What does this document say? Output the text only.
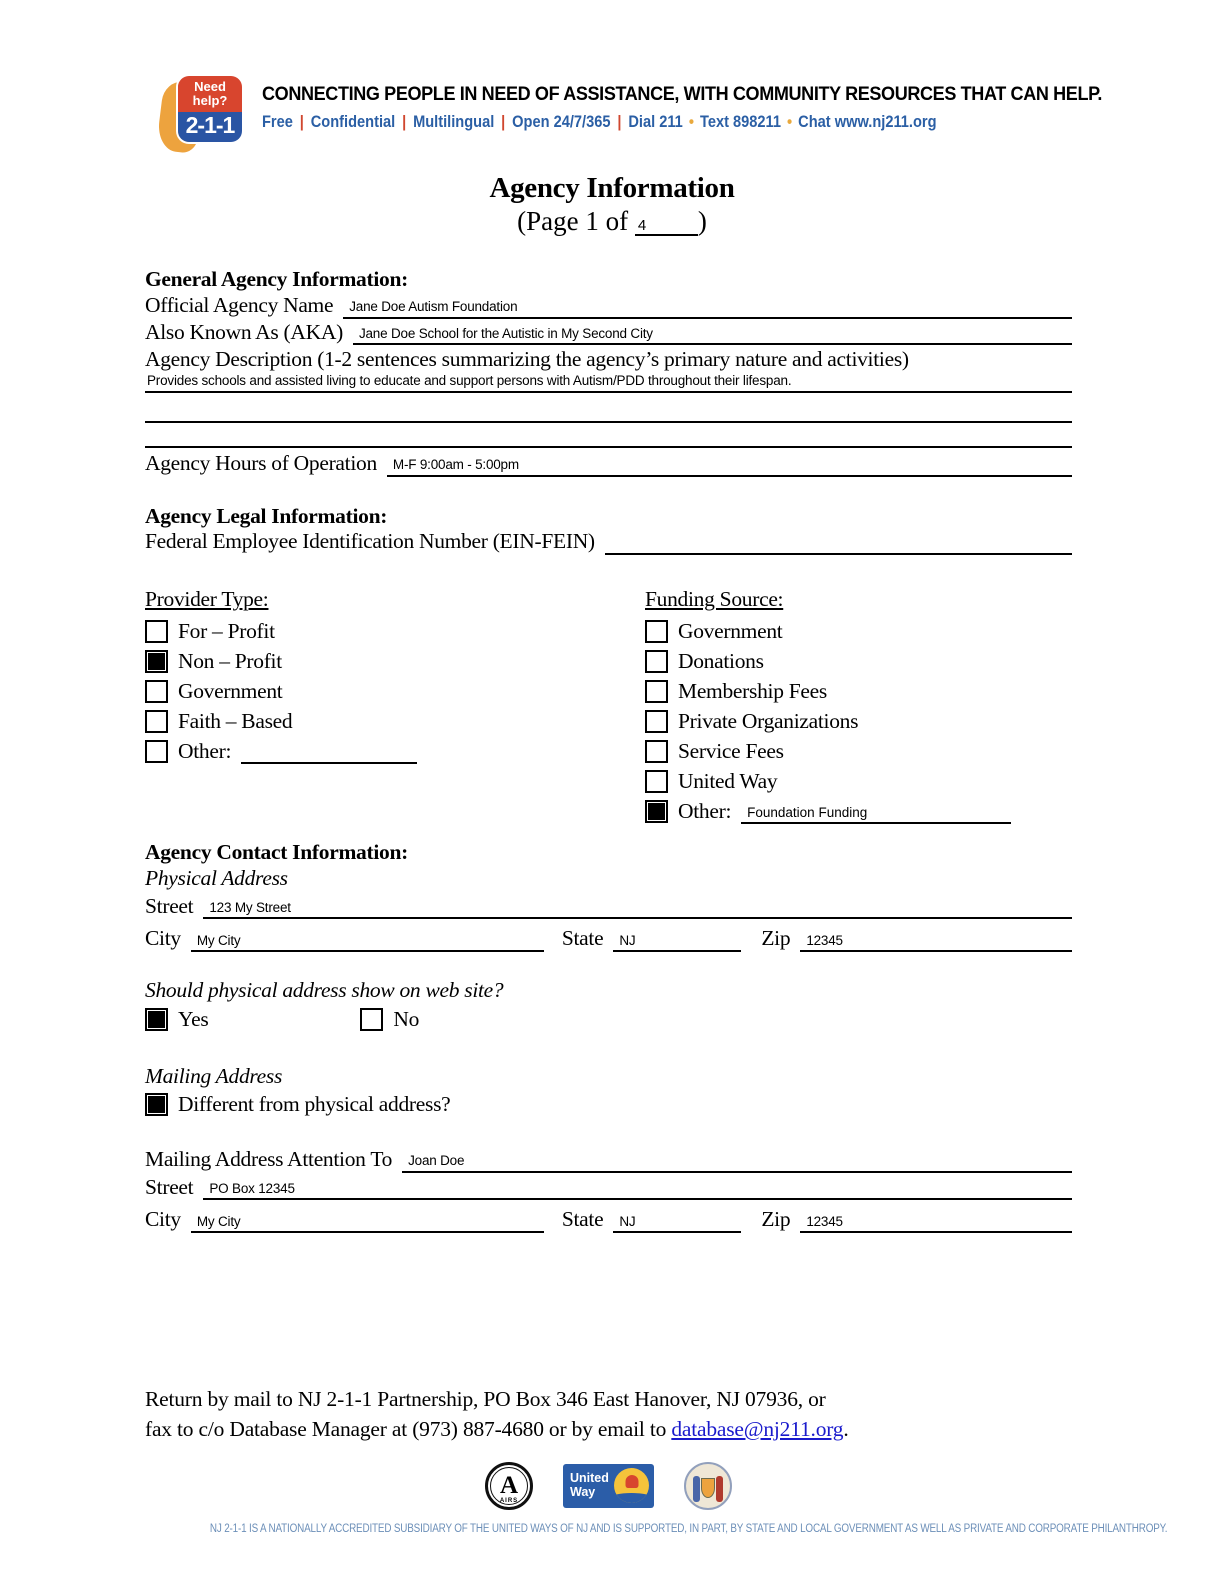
Need help?
2-1-1
CONNECTING PEOPLE IN NEED OF ASSISTANCE, WITH COMMUNITY RESOURCES THAT CAN HELP.
Free | Confidential | Multilingual | Open 24/7/365 | Dial 211 • Text 898211 • Chat www.nj211.org
Agency Information
(Page 1 of 4 )
General Agency Information:
Official Agency Name	Jane Doe Autism Foundation
Also Known As (AKA)	Jane Doe School for the Autistic in My Second City
Agency Description (1-2 sentences summarizing the agency’s primary nature and activities)
Provides schools and assisted living to educate and support persons with Autism/PDD throughout their lifespan.
Agency Hours of Operation	M-F 9:00am - 5:00pm
Agency Legal Information:
Federal Employee Identification Number (EIN-FEIN)
Provider Type:
For – Profit
Non – Profit
Government
Faith – Based
Other:
Funding Source:
Government
Donations
Membership Fees
Private Organizations
Service Fees
United Way
Other:	Foundation Funding
Agency Contact Information:
Physical Address
Street	123 My Street
City	My City	State	NJ	Zip	12345
Should physical address show on web site?
Yes	No
Mailing Address
Different from physical address?
Mailing Address Attention To	Joan Doe
Street	PO Box 12345
City	My City	State	NJ	Zip	12345
Return by mail to NJ 2-1-1 Partnership, PO Box 346 East Hanover, NJ 07936, or
fax to c/o Database Manager at (973) 887-4680 or by email to database@nj211.org.
A
AIRS
United Way
NJ 2-1-1 IS A NATIONALLY ACCREDITED SUBSIDIARY OF THE UNITED WAYS OF NJ AND IS SUPPORTED, IN PART, BY STATE AND LOCAL GOVERNMENT AS WELL AS PRIVATE AND CORPORATE PHILANTHROPY.
